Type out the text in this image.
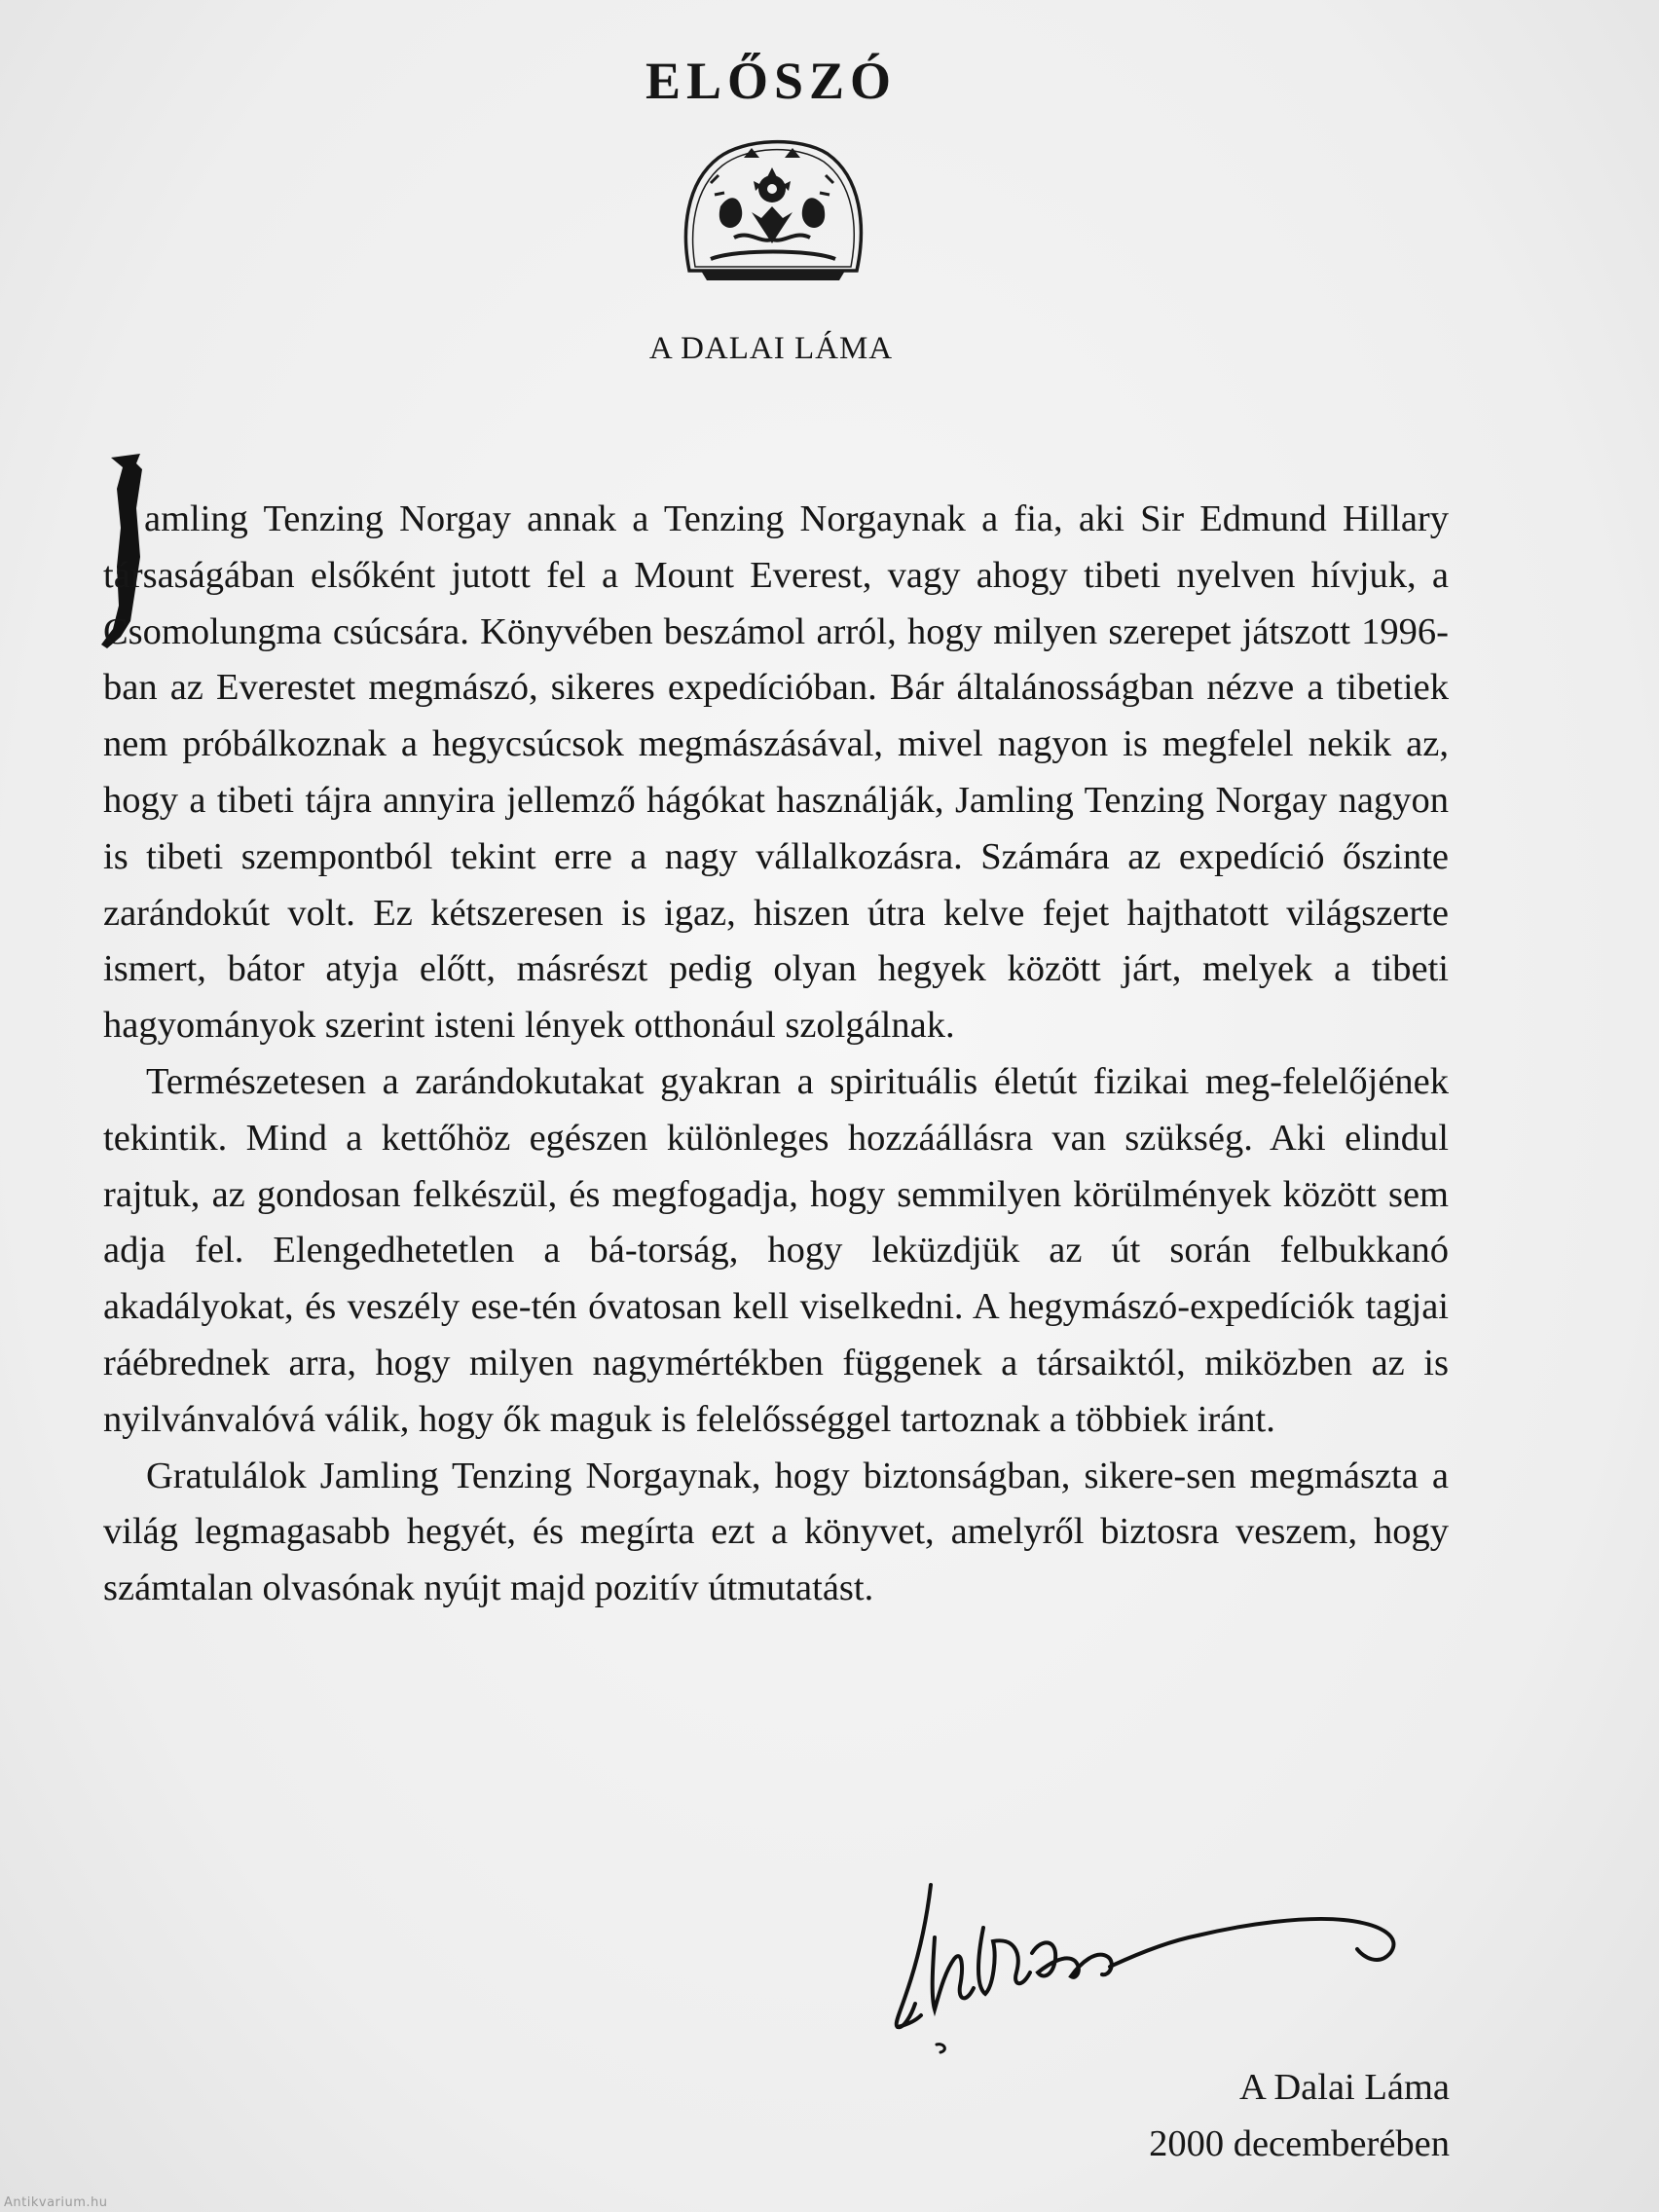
ELŐSZÓ
A DALAI LÁMA

amling Tenzing Norgay annak a Tenzing Norgaynak a fia, aki Sir Edmund Hillary társaságában elsőként jutott fel a Mount Everest, vagy ahogy tibeti nyelven hívjuk, a Csomolungma csúcsára. Könyvében beszámol arról, hogy milyen szerepet játszott 1996-ban az Everestet megmászó, sikeres expedícióban. Bár általánosságban nézve a tibetiek nem próbálkoznak a hegycsúcsok megmászásával, mivel nagyon is megfelel nekik az, hogy a tibeti tájra annyira jellemző hágókat használják, Jamling Tenzing Norgay nagyon is tibeti szempontból tekint erre a nagy vállalkozásra. Számára az expedíció őszinte zarándokút volt. Ez kétszeresen is igaz, hiszen útra kelve fejet hajthatott világszerte ismert, bátor atyja előtt, másrészt pedig olyan hegyek között járt, melyek a tibeti hagyományok szerint isteni lények otthonául szolgálnak.

Természetesen a zarándokutakat gyakran a spirituális életút fizikai meg-felelőjének tekintik. Mind a kettőhöz egészen különleges hozzáállásra van szükség. Aki elindul rajtuk, az gondosan felkészül, és megfogadja, hogy semmilyen körülmények között sem adja fel. Elengedhetetlen a bá-torság, hogy leküzdjük az út során felbukkanó akadályokat, és veszély ese-tén óvatosan kell viselkedni. A hegymászó-expedíciók tagjai ráébrednek arra, hogy milyen nagymértékben függenek a társaiktól, miközben az is nyilvánvalóvá válik, hogy ők maguk is felelősséggel tartoznak a többiek iránt.

Gratulálok Jamling Tenzing Norgaynak, hogy biztonságban, sikere-sen megmászta a világ legmagasabb hegyét, és megírta ezt a könyvet, amelyről biztosra veszem, hogy számtalan olvasónak nyújt majd pozitív útmutatást.

A Dalai Láma
2000 decemberében
Antikvarium.hu
